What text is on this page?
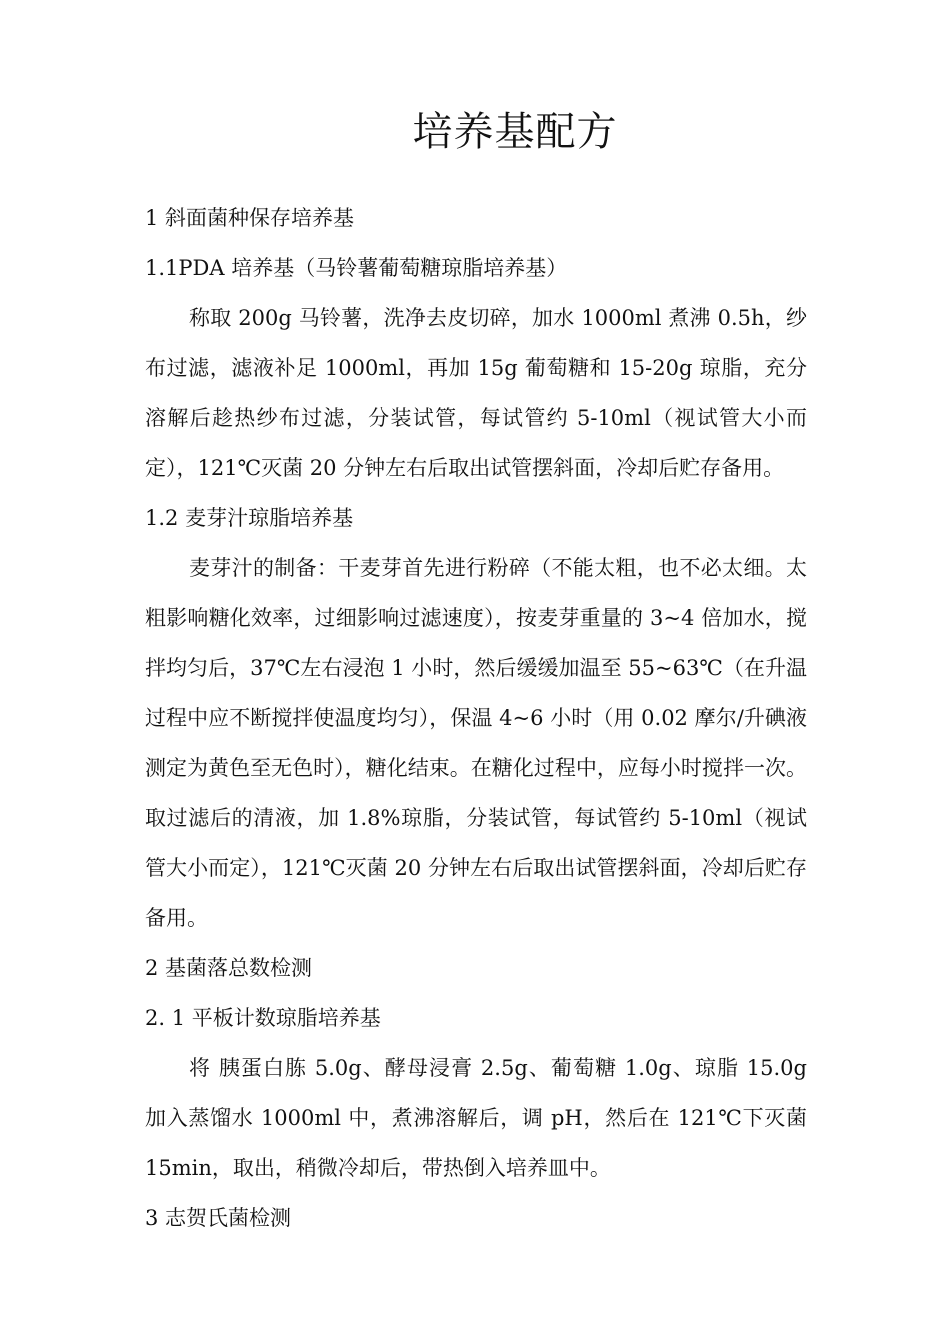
培养基配方
1 斜面菌种保存培养基
1.1PDA 培养基（马铃薯葡萄糖琼脂培养基）

称取 200g 马铃薯，洗净去皮切碎，加水 1000ml 煮沸 0.5h，纱布过滤，滤液补足 1000ml，再加 15g 葡萄糖和 15-20g 琼脂，充分溶解后趁热纱布过滤，分装试管，每试管约 5-10ml（视试管大小而定），121℃灭菌 20 分钟左右后取出试管摆斜面，冷却后贮存备用。

1.2 麦芽汁琼脂培养基

麦芽汁的制备：干麦芽首先进行粉碎（不能太粗，也不必太细。太粗影响糖化效率，过细影响过滤速度），按麦芽重量的 3~4 倍加水，搅拌均匀后，37℃左右浸泡 1 小时，然后缓缓加温至 55~63℃（在升温过程中应不断搅拌使温度均匀），保温 4~6 小时（用 0.02 摩尔/升碘液测定为黄色至无色时），糖化结束。在糖化过程中，应每小时搅拌一次。取过滤后的清液，加 1.8%琼脂，分装试管，每试管约 5-10ml（视试管大小而定），121℃灭菌 20 分钟左右后取出试管摆斜面，冷却后贮存备用。

2 基菌落总数检测
2. 1 平板计数琼脂培养基

将 胰蛋白胨 5.0g、酵母浸膏 2.5g、葡萄糖 1.0g、琼脂 15.0g 加入蒸馏水 1000ml 中，煮沸溶解后，调 pH，然后在 121℃下灭菌 15min，取出，稍微冷却后，带热倒入培养皿中。

3 志贺氏菌检测
